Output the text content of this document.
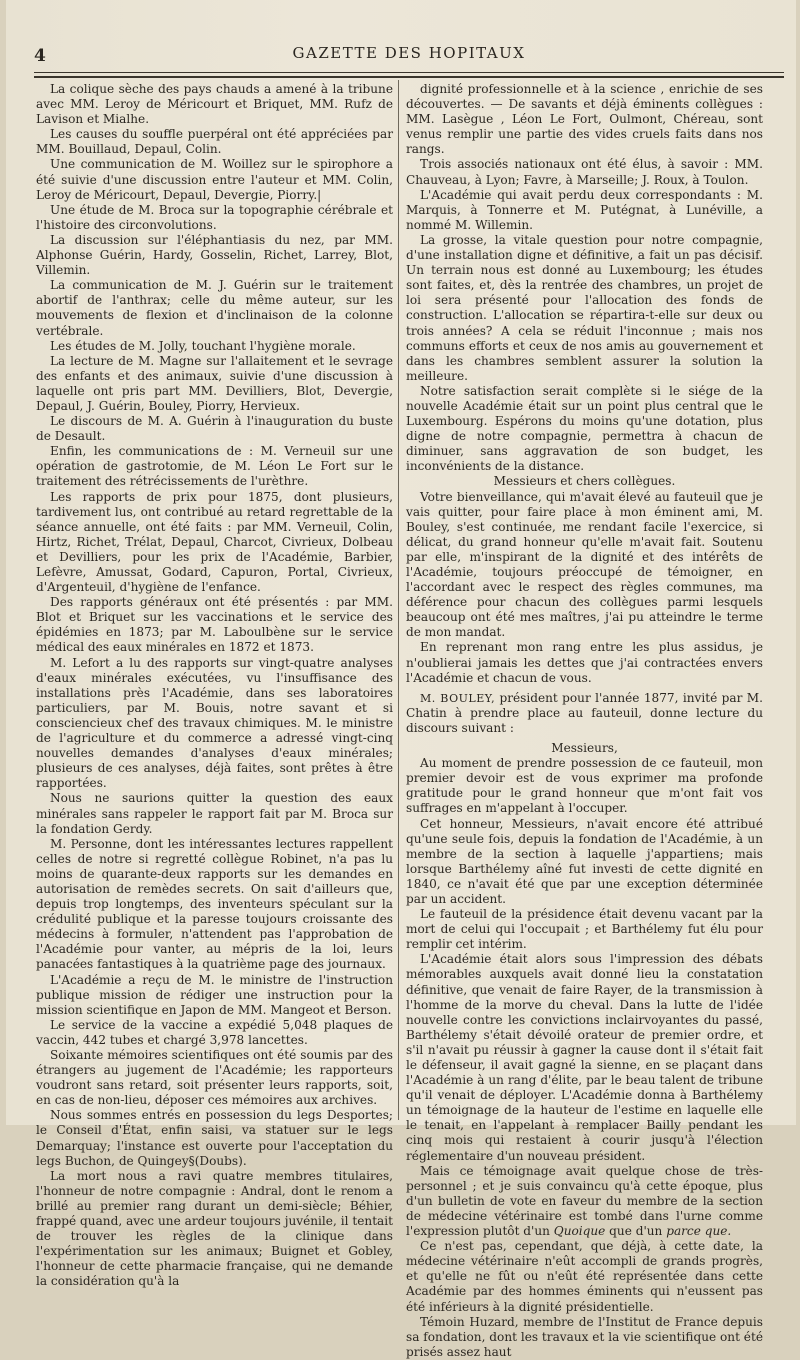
4	GAZETTE DES HOPITAUX

La colique sèche des pays chauds a amené à la tribune avec MM. Leroy de Méricourt et Briquet, MM. Rufz de Lavison et Mialhe.

Les causes du souffle puerpéral ont été appréciées par MM. Bouillaud, Depaul, Colin.

Une communication de M. Woillez sur le spirophore a été suivie d'une discussion entre l'auteur et MM. Colin, Leroy de Méricourt, Depaul, Devergie, Piorry.|

Une étude de M. Broca sur la topographie cérébrale et l'histoire des circonvolutions.

La discussion sur l'éléphantiasis du nez, par MM. Alphonse Guérin, Hardy, Gosselin, Richet, Larrey, Blot, Villemin.

La communication de M. J. Guérin sur le traitement abortif de l'anthrax; celle du même auteur, sur les mouvements de flexion et d'inclinaison de la colonne vertébrale.

Les études de M. Jolly, touchant l'hygiène morale.

La lecture de M. Magne sur l'allaitement et le sevrage des enfants et des animaux, suivie d'une discussion à laquelle ont pris part MM. Devilliers, Blot, Devergie, Depaul, J. Guérin, Bouley, Piorry, Hervieux.

Le discours de M. A. Guérin à l'inauguration du buste de Desault.

Enfin, les communications de : M. Verneuil sur une opération de gastrotomie, de M. Léon Le Fort sur le traitement des rétrécissements de l'urèthre.

Les rapports de prix pour 1875, dont plusieurs, tardivement lus, ont contribué au retard regrettable de la séance annuelle, ont été faits : par MM. Verneuil, Colin, Hirtz, Richet, Trélat, Depaul, Charcot, Civrieux, Dolbeau et Devilliers, pour les prix de l'Académie, Barbier, Lefèvre, Amussat, Godard, Capuron, Portal, Civrieux, d'Argenteuil, d'hygiène de l'enfance.

Des rapports généraux ont été présentés : par MM. Blot et Briquet sur les vaccinations et le service des épidémies en 1873; par M. Laboulbène sur le service médical des eaux minérales en 1872 et 1873.

M. Lefort a lu des rapports sur vingt-quatre analyses d'eaux minérales exécutées, vu l'insuffisance des installations près l'Académie, dans ses laboratoires particuliers, par M. Bouis, notre savant et si consciencieux chef des travaux chimiques. M. le ministre de l'agriculture et du commerce a adressé vingt-cinq nouvelles demandes d'analyses d'eaux minérales; plusieurs de ces analyses, déjà faites, sont prêtes à être rapportées.

Nous ne saurions quitter la question des eaux minérales sans rappeler le rapport fait par M. Broca sur la fondation Gerdy.

M. Personne, dont les intéressantes lectures rappellent celles de notre si regretté collègue Robinet, n'a pas lu moins de quarante-deux rapports sur les demandes en autorisation de remèdes secrets. On sait d'ailleurs que, depuis trop longtemps, des inventeurs spéculant sur la crédulité publique et la paresse toujours croissante des médecins à formuler, n'attendent pas l'approbation de l'Académie pour vanter, au mépris de la loi, leurs panacées fantastiques à la quatrième page des journaux.

L'Académie a reçu de M. le ministre de l'instruction publique mission de rédiger une instruction pour la mission scientifique en Japon de MM. Mangeot et Berson.

Le service de la vaccine a expédié 5,048 plaques de vaccin, 442 tubes et chargé 3,978 lancettes.

Soixante mémoires scientifiques ont été soumis par des étrangers au jugement de l'Académie; les rapporteurs voudront sans retard, soit présenter leurs rapports, soit, en cas de non-lieu, déposer ces mémoires aux archives.

Nous sommes entrés en possession du legs Desportes; le Conseil d'État, enfin saisi, va statuer sur le legs Demarquay; l'instance est ouverte pour l'acceptation du legs Buchon, de Quingey§(Doubs).

La mort nous a ravi quatre membres titulaires, l'honneur de notre compagnie : Andral, dont le renom a brillé au premier rang durant un demi-siècle; Béhier, frappé quand, avec une ardeur toujours juvénile, il tentait de trouver les règles de la clinique dans l'expérimentation sur les animaux; Buignet et Gobley, l'honneur de cette pharmacie française, qui ne demande la considération qu'à la

dignité professionnelle et à la science , enrichie de ses découvertes. — De savants et déjà éminents collègues : MM. Lasègue , Léon Le Fort, Oulmont, Chéreau, sont venus remplir une partie des vides cruels faits dans nos rangs.

Trois associés nationaux ont été élus, à savoir : MM. Chauveau, à Lyon; Favre, à Marseille; J. Roux, à Toulon.

L'Académie qui avait perdu deux correspondants : M. Marquis, à Tonnerre et M. Putégnat, à Lunéville, a nommé M. Willemin.

La grosse, la vitale question pour notre compagnie, d'une installation digne et définitive, a fait un pas décisif. Un terrain nous est donné au Luxembourg; les études sont faites, et, dès la rentrée des chambres, un projet de loi sera présenté pour l'allocation des fonds de construction. L'allocation se répartira-t-elle sur deux ou trois années? A cela se réduit l'inconnue ; mais nos communs efforts et ceux de nos amis au gouvernement et dans les chambres semblent assurer la solution la meilleure.

Notre satisfaction serait complète si le siége de la nouvelle Académie était sur un point plus central que le Luxembourg. Espérons du moins qu'une dotation, plus digne de notre compagnie, permettra à chacun de diminuer, sans aggravation de son budget, les inconvénients de la distance.

Messieurs et chers collègues.

Votre bienveillance, qui m'avait élevé au fauteuil que je vais quitter, pour faire place à mon éminent ami, M. Bouley, s'est continuée, me rendant facile l'exercice, si délicat, du grand honneur qu'elle m'avait fait. Soutenu par elle, m'inspirant de la dignité et des intérêts de l'Académie, toujours préoccupé de témoigner, en l'accordant avec le respect des règles communes, ma déférence pour chacun des collègues parmi lesquels beaucoup ont été mes maîtres, j'ai pu atteindre le terme de mon mandat.

En reprenant mon rang entre les plus assidus, je n'oublierai jamais les dettes que j'ai contractées envers l'Académie et chacun de vous.

M. BOULEY, président pour l'année 1877, invité par M. Chatin à prendre place au fauteuil, donne lecture du discours suivant :

Messieurs,

Au moment de prendre possession de ce fauteuil, mon premier devoir est de vous exprimer ma profonde gratitude pour le grand honneur que m'ont fait vos suffrages en m'appelant à l'occuper.

Cet honneur, Messieurs, n'avait encore été attribué qu'une seule fois, depuis la fondation de l'Académie, à un membre de la section à laquelle j'appartiens; mais lorsque Barthélemy aîné fut investi de cette dignité en 1840, ce n'avait été que par une exception déterminée par un accident.

Le fauteuil de la présidence était devenu vacant par la mort de celui qui l'occupait ; et Barthélemy fut élu pour remplir cet intérim.

L'Académie était alors sous l'impression des débats mémorables auxquels avait donné lieu la constatation définitive, que venait de faire Rayer, de la transmission à l'homme de la morve du cheval. Dans la lutte de l'idée nouvelle contre les convictions inclairvoyantes du passé, Barthélemy s'était dévoilé orateur de premier ordre, et s'il n'avait pu réussir à gagner la cause dont il s'était fait le défenseur, il avait gagné la sienne, en se plaçant dans l'Académie à un rang d'élite, par le beau talent de tribune qu'il venait de déployer. L'Académie donna à Barthélemy un témoignage de la hauteur de l'estime en laquelle elle le tenait, en l'appelant à remplacer Bailly pendant les cinq mois qui restaient à courir jusqu'à l'élection réglementaire d'un nouveau président.

Mais ce témoignage avait quelque chose de très-personnel ; et je suis convaincu qu'à cette époque, plus d'un bulletin de vote en faveur du membre de la section de médecine vétérinaire est tombé dans l'urne comme l'expression plutôt d'un Quoique que d'un parce que.

Ce n'est pas, cependant, que déjà, à cette date, la médecine vétérinaire n'eût accompli de grands progrès, et qu'elle ne fût ou n'eût été représentée dans cette Académie par des hommes éminents qui n'eussent pas été inférieurs à la dignité présidentielle.

Témoin Huzard, membre de l'Institut de France depuis sa fondation, dont les travaux et la vie scientifique ont été prisés assez haut
